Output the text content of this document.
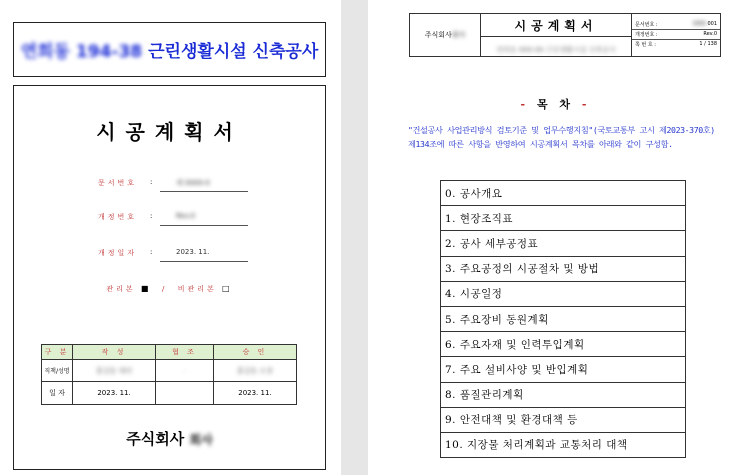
연희동 194-38 근린생활시설 신축공사
시공계획서
문서번호 :	제 0000-0
개정번호 :	Rev.0
개정일자 :	2023. 11.
관리본 ■ / 비관리본 □
구 분	작 성	협 조	승 인
직책/성명	홍길동 대리	-	홍길동 소장
일 자	2023. 11.		2023. 11.
주식회사 회사
주식회사회사	시공계획서	문서번호 :	0000-001
개정번호 :	Rev.0
쪽 번 호 :	1 / 138

연희동 000-00 근린생활시설 신축공사
- 목 차 -
"건설공사 사업관리방식 검토기준 및 업무수행지침"(국토교통부 고시 제2023-370호) 제134조에 따른 사항을 반영하여 시공계획서 목차를 아래와 같이 구성함.
0. 공사개요
1. 현장조직표
2. 공사 세부공정표
3. 주요공정의 시공절차 및 방법
4. 시공일정
5. 주요장비 동원계획
6. 주요자재 및 인력투입계획
7. 주요 설비사양 및 반입계획
8. 품질관리계획
9. 안전대책 및 환경대책 등
10. 지장물 처리계획과 교통처리 대책
